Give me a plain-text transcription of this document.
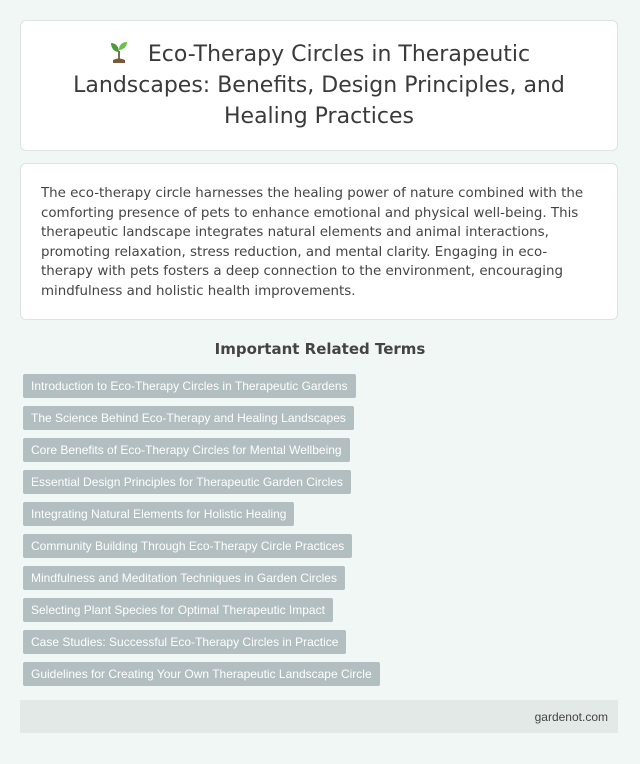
Eco-Therapy Circles in Therapeutic Landscapes: Benefits, Design Principles, and Healing Practices

The eco-therapy circle harnesses the healing power of nature combined with the comforting presence of pets to enhance emotional and physical well-being. This therapeutic landscape integrates natural elements and animal interactions, promoting relaxation, stress reduction, and mental clarity. Engaging in eco-therapy with pets fosters a deep connection to the environment, encouraging mindfulness and holistic health improvements.

Important Related Terms
Introduction to Eco-Therapy Circles in Therapeutic Gardens
The Science Behind Eco-Therapy and Healing Landscapes
Core Benefits of Eco-Therapy Circles for Mental Wellbeing
Essential Design Principles for Therapeutic Garden Circles
Integrating Natural Elements for Holistic Healing
Community Building Through Eco-Therapy Circle Practices
Mindfulness and Meditation Techniques in Garden Circles
Selecting Plant Species for Optimal Therapeutic Impact
Case Studies: Successful Eco-Therapy Circles in Practice
Guidelines for Creating Your Own Therapeutic Landscape Circle
gardenot.com
